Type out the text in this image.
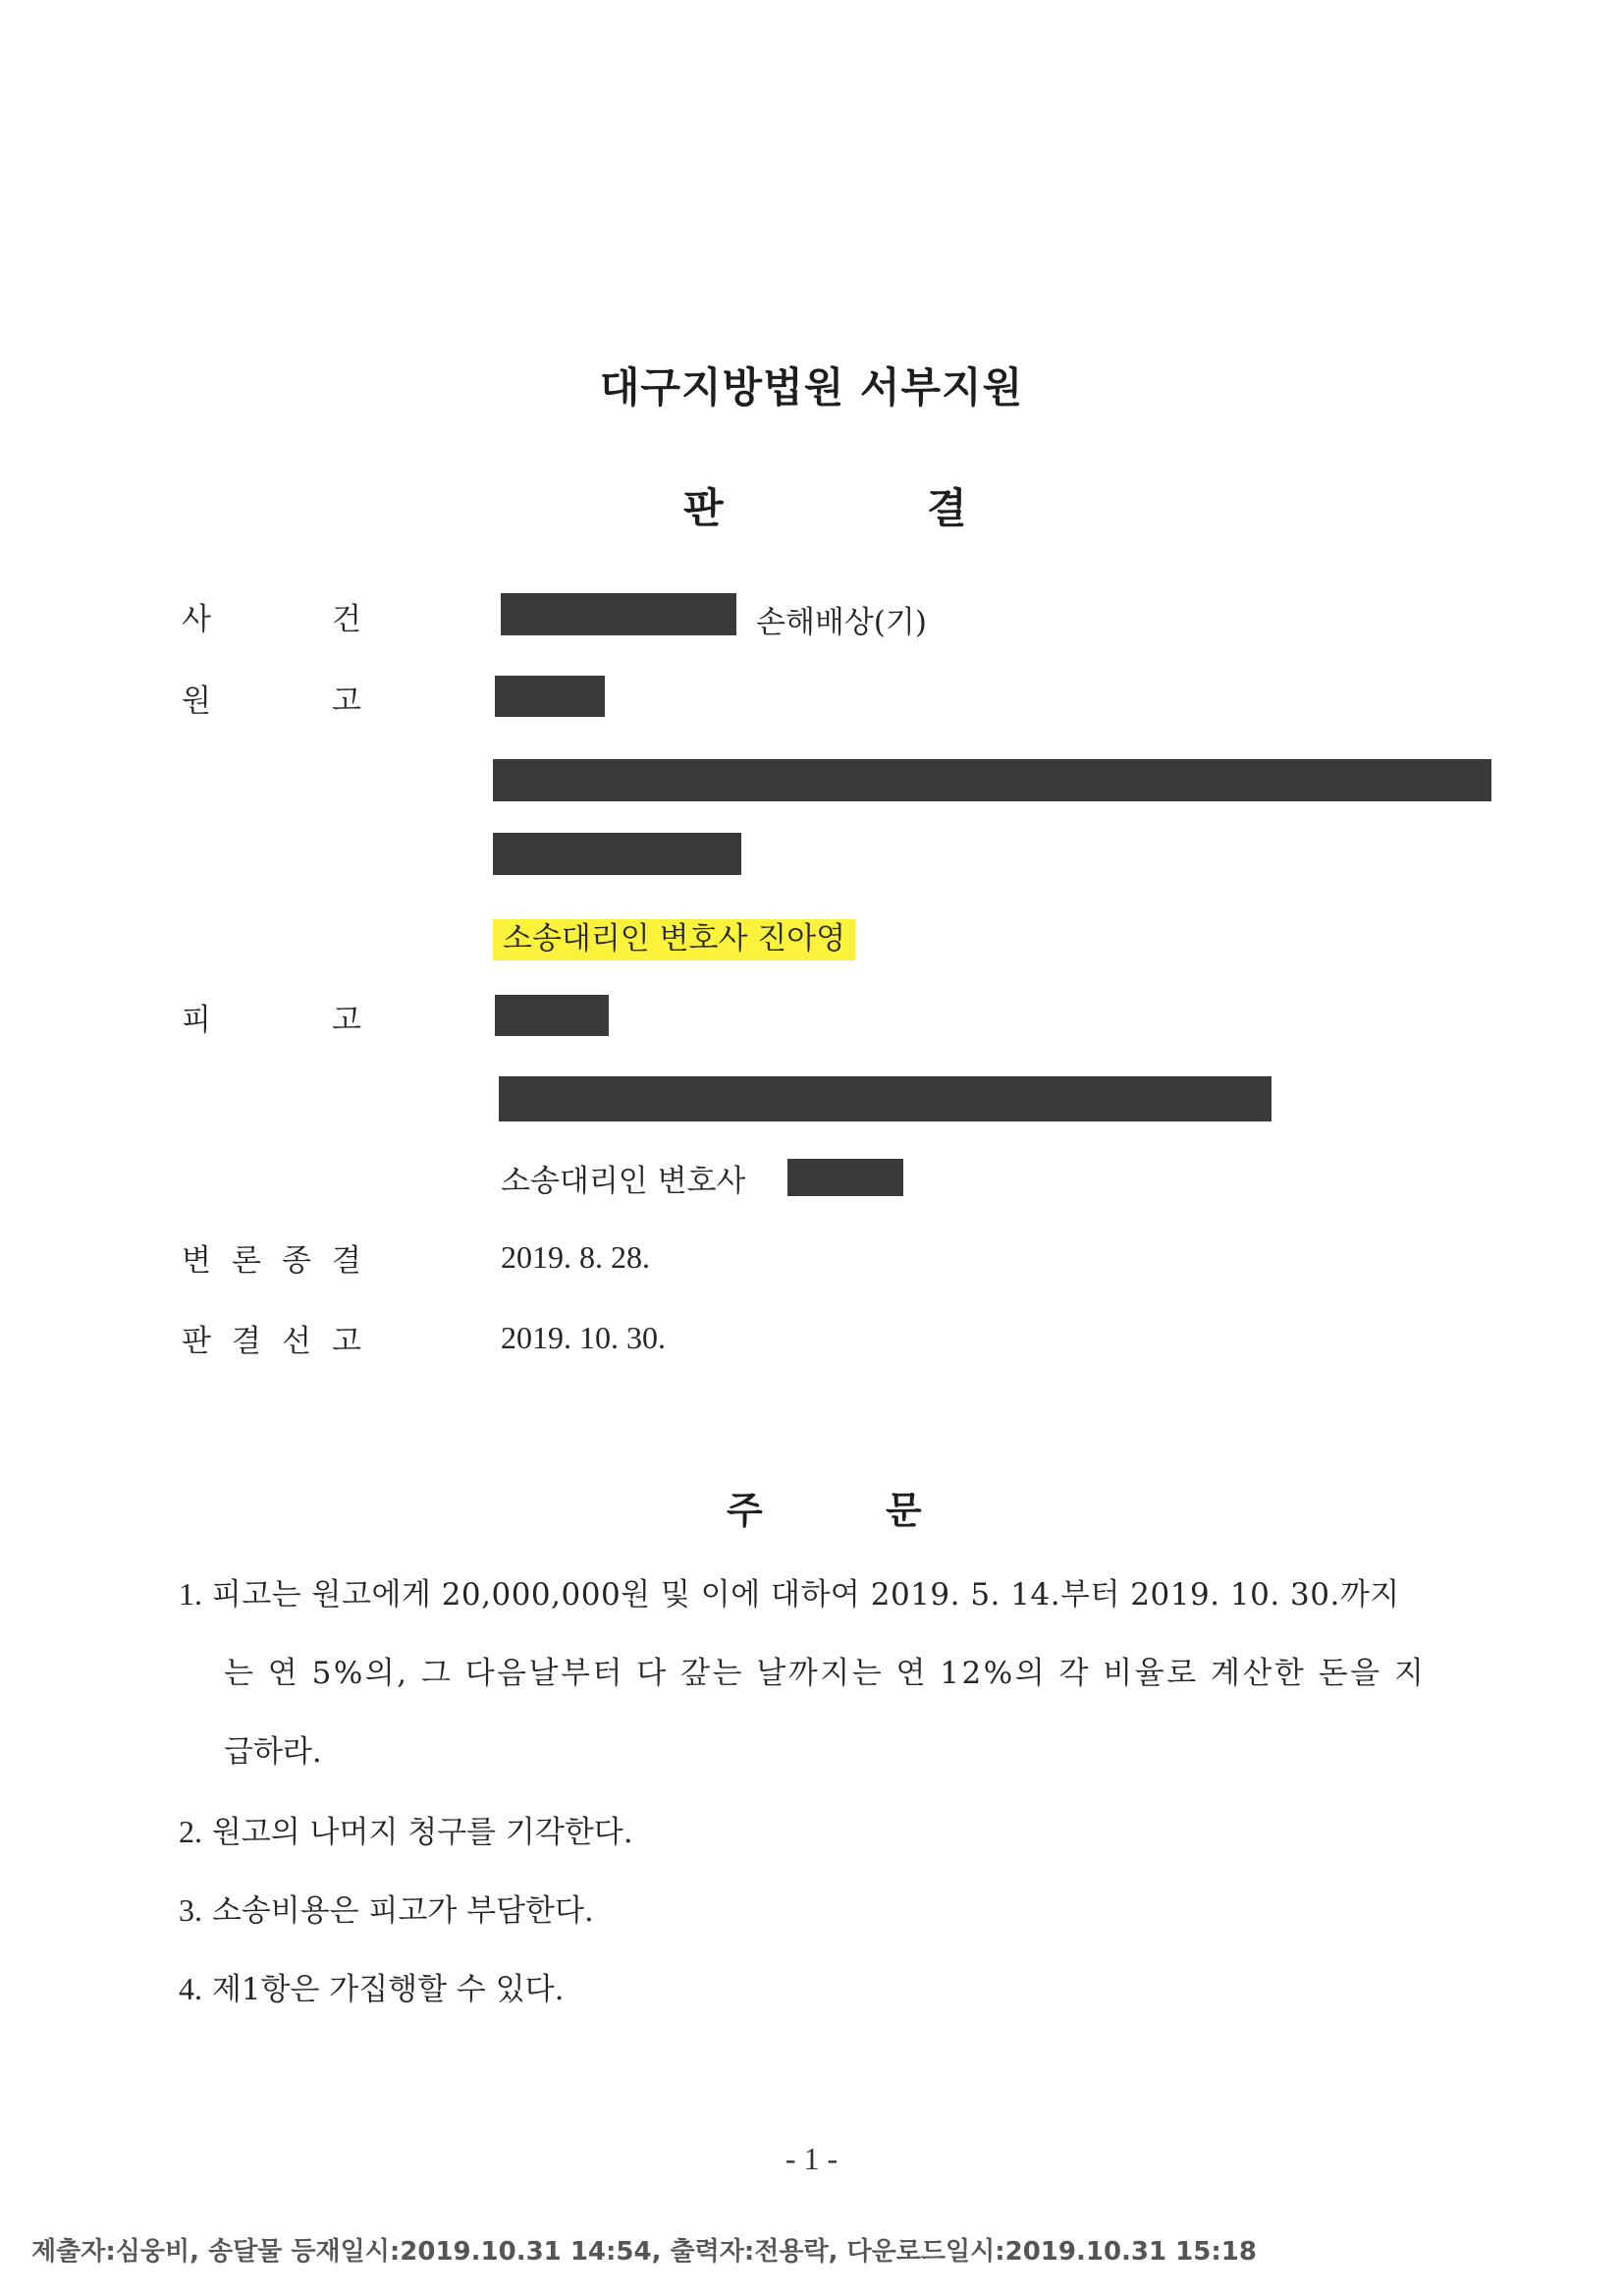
대구지방법원 서부지원
판	결
사	건	손해배상(기)
원	고
소송대리인 변호사 진아영
피	고
소송대리인 변호사
변 론 종 결	2019. 8. 28.
판 결 선 고	2019. 10. 30.
주	문
1. 피고는 원고에게 20,000,000원 및 이에 대하여 2019. 5. 14.부터 2019. 10. 30.까지
는 연 5%의, 그 다음날부터 다 갚는 날까지는 연 12%의 각 비율로 계산한 돈을 지
급하라.
2. 원고의 나머지 청구를 기각한다.
3. 소송비용은 피고가 부담한다.
4. 제1항은 가집행할 수 있다.
- 1 -
제출자:심웅비, 송달물 등재일시:2019.10.31 14:54, 출력자:전용락, 다운로드일시:2019.10.31 15:18
